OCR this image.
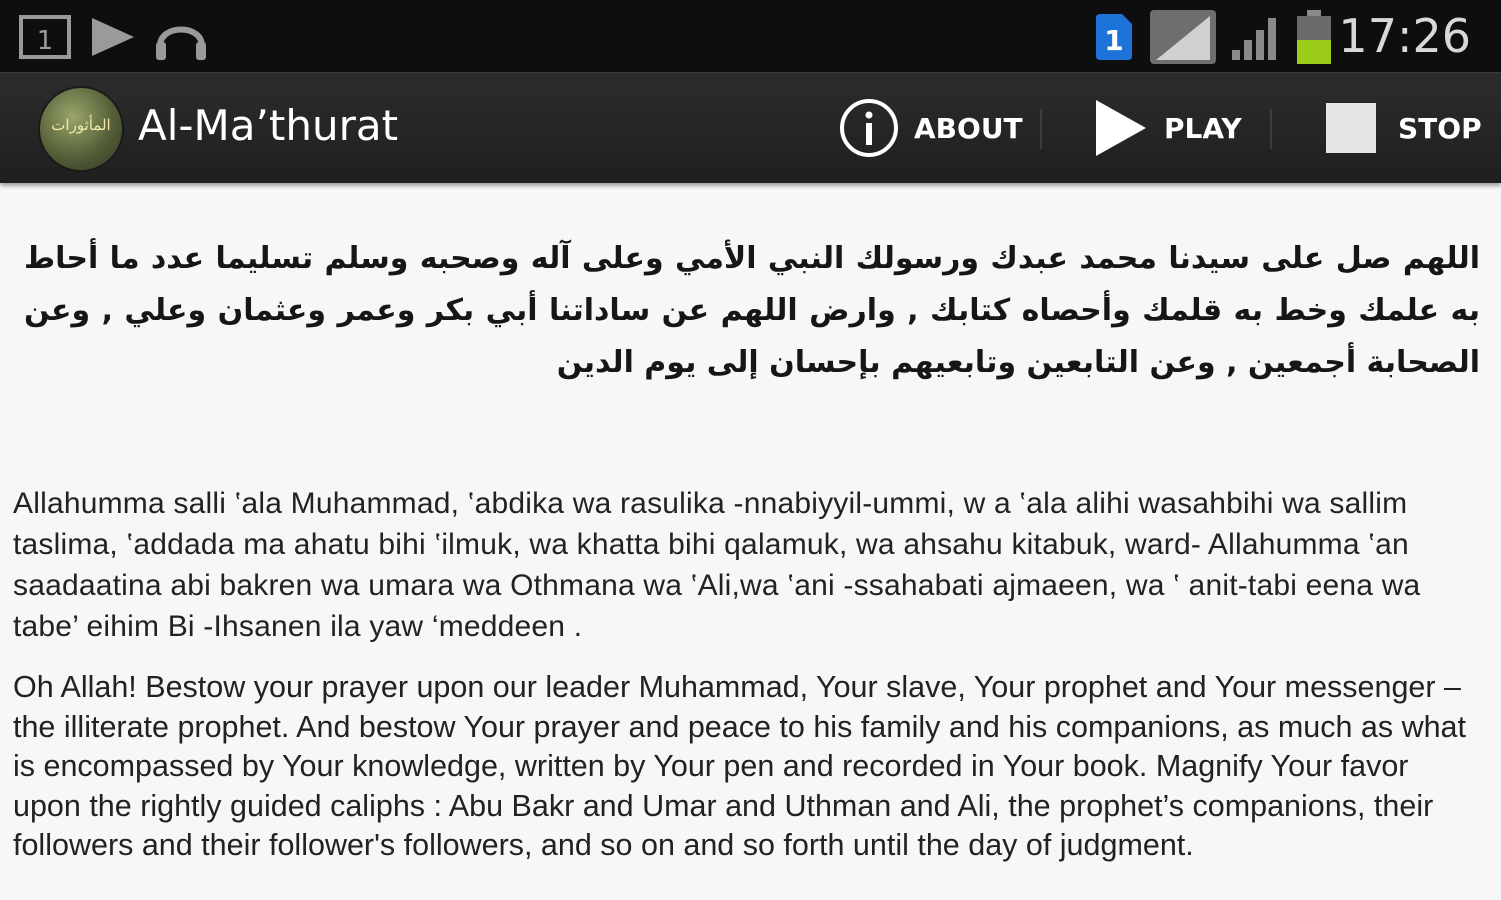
1	1	17:26
المأثورات Al-Ma’thurat	ABOUT	PLAY	STOP
اللهم صل على سيدنا محمد عبدك ورسولك النبي الأمي وعلى آله وصحبه وسلم تسليما عدد ما أحاط به علمك وخط به قلمك وأحصاه كتابك , وارض اللهم عن ساداتنا أبي بكر وعمر وعثمان وعلي , وعن الصحابة أجمعين , وعن التابعين وتابعيهم بإحسان إلى يوم الدين

Allahumma salli ‛ala Muhammad, ‛abdika wa rasulika -nnabiyyil-ummi, w a ‛ala alihi wasahbihi wa sallim taslima, ‛addada ma ahatu bihi ‛ilmuk, wa khatta bihi qalamuk, wa ahsahu kitabuk, ward- Allahumma ‛an saadaatina abi bakren wa umara wa Othmana wa ‛Ali,wa ‛ani -ssahabati ajmaeen, wa ‛ anit-tabi eena wa tabe’ eihim Bi -Ihsanen ila yaw ‘meddeen .

Oh Allah! Bestow your prayer upon our leader Muhammad, Your slave, Your prophet and Your messenger – the illiterate prophet. And bestow Your prayer and peace to his family and his companions, as much as what is encompassed by Your knowledge, written by Your pen and recorded in Your book. Magnify Your favor upon the rightly guided caliphs : Abu Bakr and Umar and Uthman and Ali, the prophet’s companions, their followers and their follower's followers, and so on and so forth until the day of judgment.
